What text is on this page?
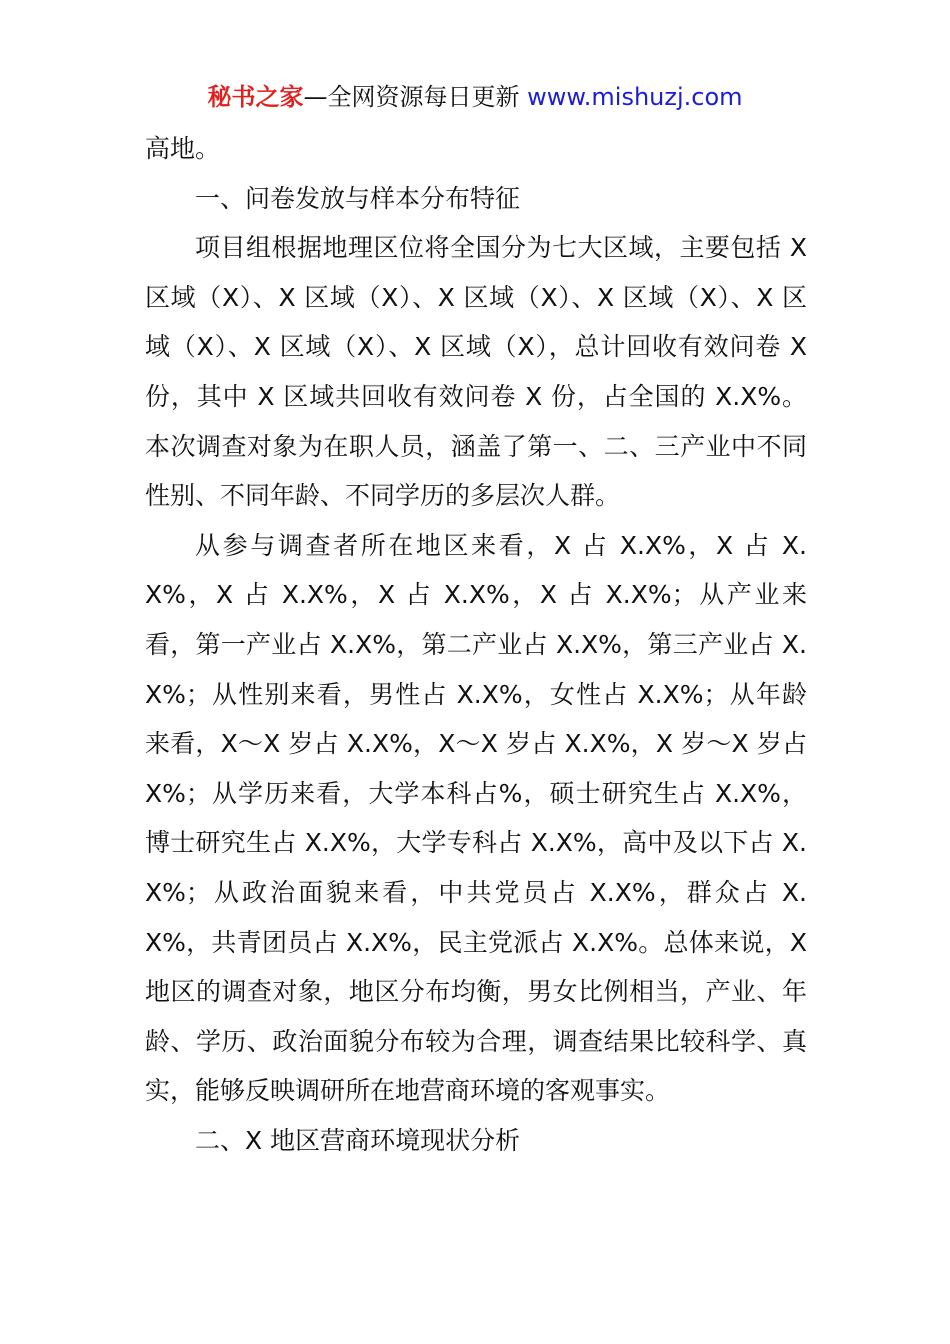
秘书之家—全网资源每日更新 www.mishuzj.com

高地。

一、问卷发放与样本分布特征

项目组根据地理区位将全国分为七大区域，主要包括 X 区域（X）、X 区域（X）、X 区域（X）、X 区域（X）、X 区域（X）、X 区域（X）、X 区域（X），总计回收有效问卷 X 份，其中 X 区域共回收有效问卷 X 份，占全国的 X.X%。本次调查对象为在职人员，涵盖了第一、二、三产业中不同性别、不同年龄、不同学历的多层次人群。

从参与调查者所在地区来看，X 占 X.X%，X 占 X.X%，X 占 X.X%，X 占 X.X%，X 占 X.X%；从产业来看，第一产业占 X.X%，第二产业占 X.X%，第三产业占 X.X%；从性别来看，男性占 X.X%，女性占 X.X%；从年龄来看，X～X 岁占 X.X%，X～X 岁占 X.X%，X 岁～X 岁占 X%；从学历来看，大学本科占%，硕士研究生占 X.X%，博士研究生占 X.X%，大学专科占 X.X%，高中及以下占 X.X%；从政治面貌来看，中共党员占 X.X%，群众占 X.X%，共青团员占 X.X%，民主党派占 X.X%。总体来说，X 地区的调查对象，地区分布均衡，男女比例相当，产业、年龄、学历、政治面貌分布较为合理，调查结果比较科学、真实，能够反映调研所在地营商环境的客观事实。

二、X 地区营商环境现状分析
